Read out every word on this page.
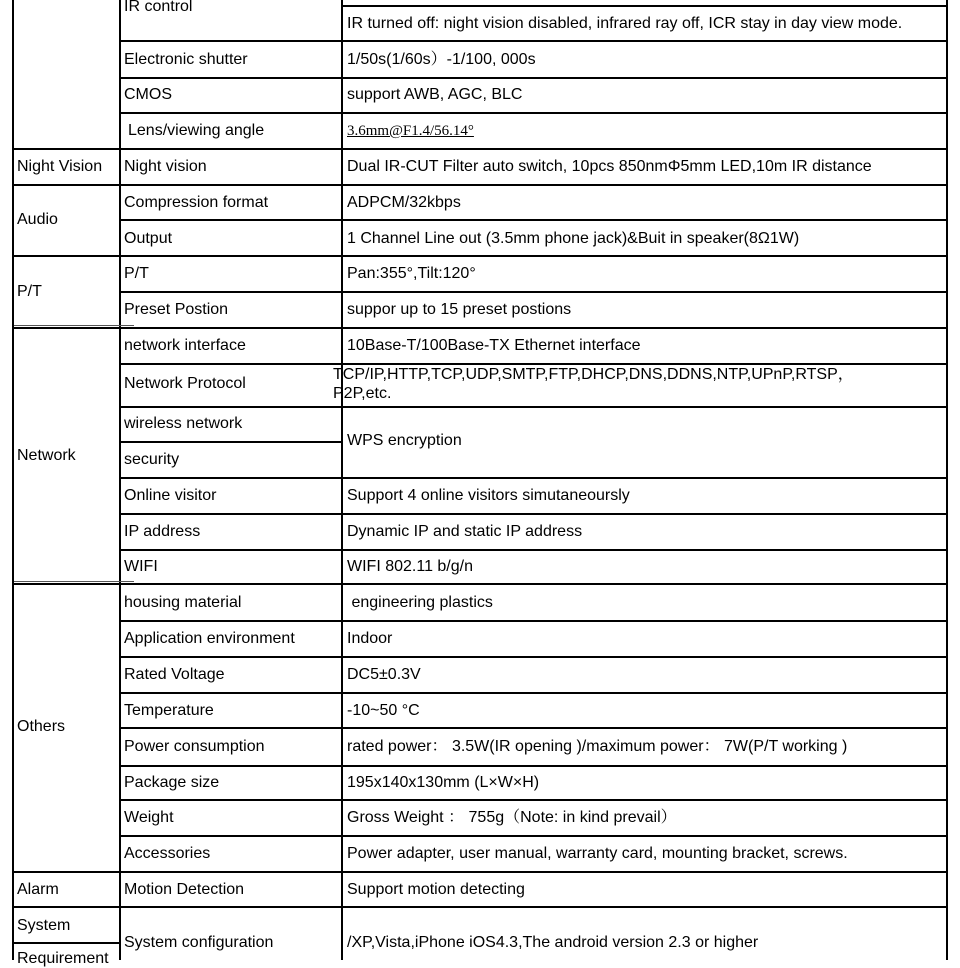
Night Vision
Audio
P/T
Network
Others
Alarm
System
Requirement
IR control
Electronic shutter
CMOS
Lens/viewing angle
Night vision
Compression format
Output
P/T
Preset Postion
network interface
Network Protocol
wireless network
security
Online visitor
IP address
WIFI
housing material
Application environment
Rated Voltage
Temperature
Power consumption
Package size
Weight
Accessories
Motion Detection
System configuration
IR turned off: night vision disabled, infrared ray off, ICR stay in day view mode.
1/50s(1/60s）-1/100, 000s
support AWB, AGC, BLC
3.6mm@F1.4/56.14°
Dual IR-CUT Filter auto switch, 10pcs 850nmΦ5mm LED,10m IR distance
ADPCM/32kbps
1 Channel Line out (3.5mm phone jack)&Buit in speaker(8Ω1W)
Pan:355°,Tilt:120°
suppor up to 15 preset postions
10Base-T/100Base-TX Ethernet interface
TCP/IP,HTTP,TCP,UDP,SMTP,FTP,DHCP,DNS,DDNS,NTP,UPnP,RTSP，
P2P,etc.
WPS encryption
Support 4 online visitors simutaneoursly
Dynamic IP and static IP address
WIFI 802.11 b/g/n
engineering plastics
Indoor
DC5±0.3V
-10~50 °C
rated power： 3.5W(IR opening )/maximum power： 7W(P/T working )
195x140x130mm (L×W×H)
Gross Weight ： 755g（Note: in kind prevail）
Power adapter, user manual, warranty card, mounting bracket, screws.
Support motion detecting
/XP,Vista,iPhone iOS4.3,The android version 2.3 or higher
